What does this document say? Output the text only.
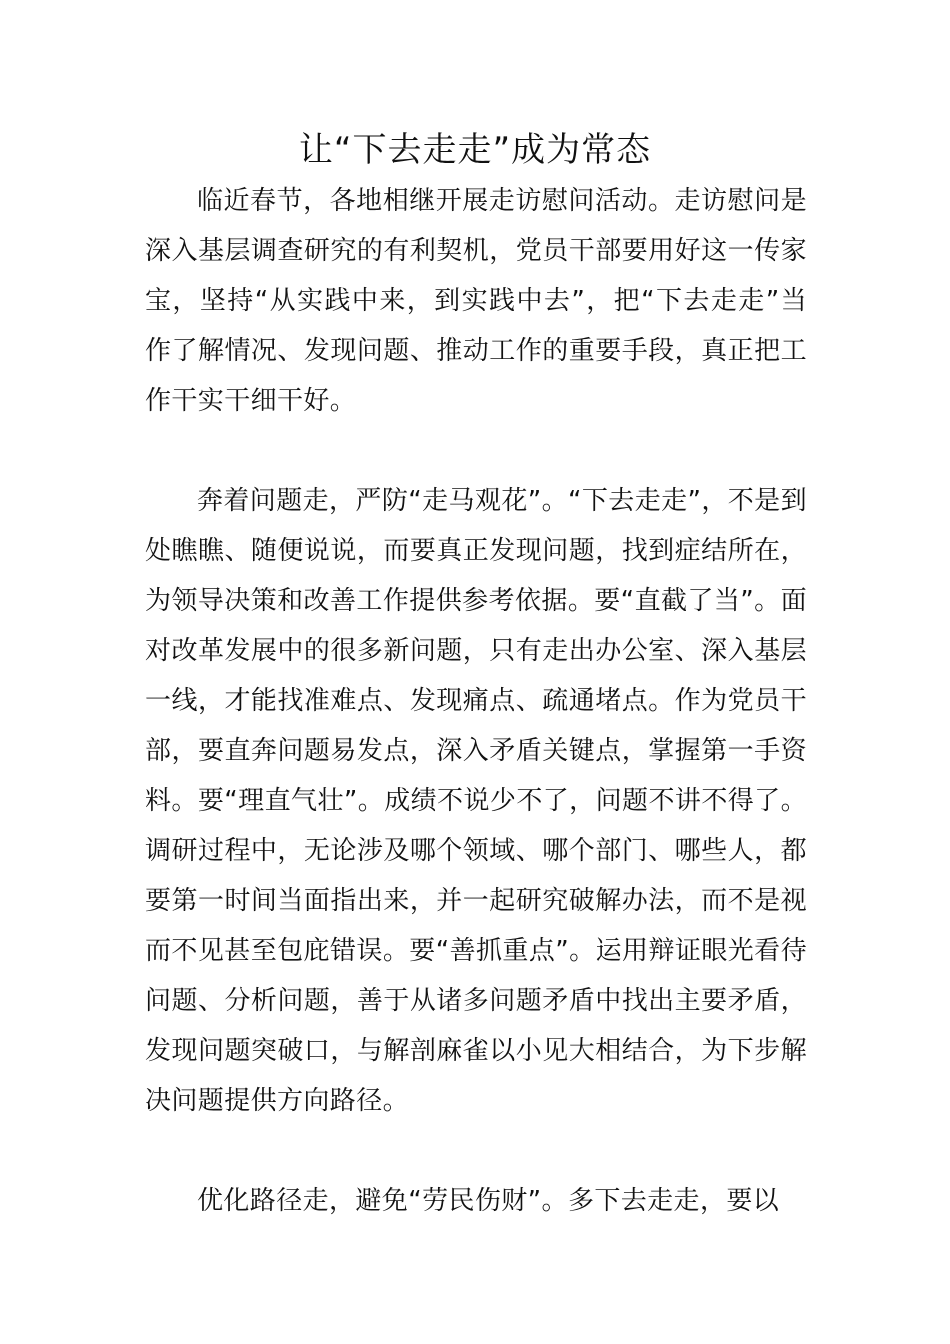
让“下去走走”成为常态

临近春节，各地相继开展走访慰问活动。走访慰问是深入基层调查研究的有利契机，党员干部要用好这一传家宝，坚持“从实践中来，到实践中去”，把“下去走走”当作了解情况、发现问题、推动工作的重要手段，真正把工作干实干细干好。

奔着问题走，严防“走马观花”。“下去走走”，不是到处瞧瞧、随便说说，而要真正发现问题，找到症结所在，为领导决策和改善工作提供参考依据。要“直截了当”。面对改革发展中的很多新问题，只有走出办公室、深入基层一线，才能找准难点、发现痛点、疏通堵点。作为党员干部，要直奔问题易发点，深入矛盾关键点，掌握第一手资料。要“理直气壮”。成绩不说少不了，问题不讲不得了。调研过程中，无论涉及哪个领域、哪个部门、哪些人，都要第一时间当面指出来，并一起研究破解办法，而不是视而不见甚至包庇错误。要“善抓重点”。运用辩证眼光看待问题、分析问题，善于从诸多问题矛盾中找出主要矛盾，发现问题突破口，与解剖麻雀以小见大相结合，为下步解决问题提供方向路径。

优化路径走，避免“劳民伤财”。多下去走走，要以
